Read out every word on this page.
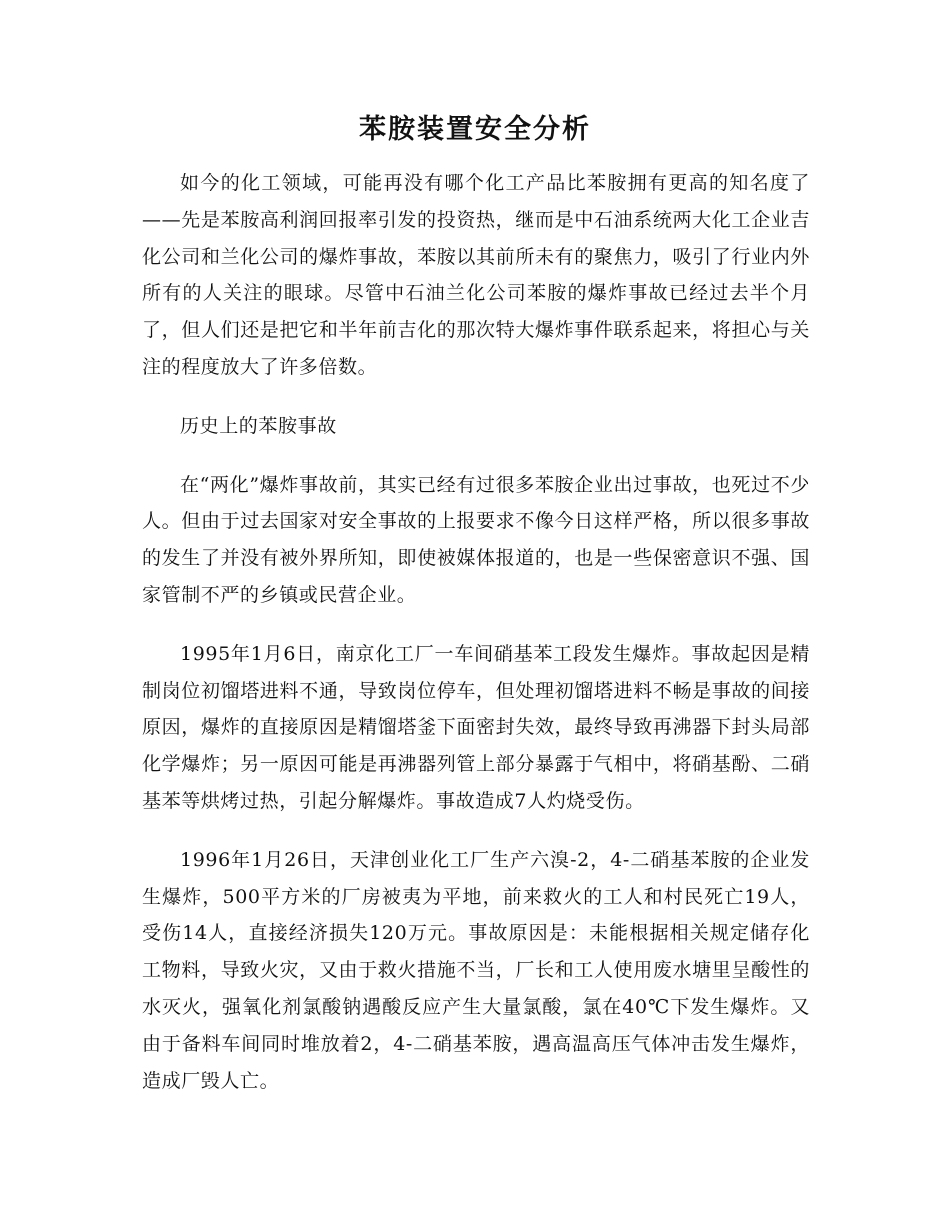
苯胺装置安全分析

如今的化工领域，可能再没有哪个化工产品比苯胺拥有更高的知名度了——先是苯胺高利润回报率引发的投资热，继而是中石油系统两大化工企业吉化公司和兰化公司的爆炸事故，苯胺以其前所未有的聚焦力，吸引了行业内外所有的人关注的眼球。尽管中石油兰化公司苯胺的爆炸事故已经过去半个月了，但人们还是把它和半年前吉化的那次特大爆炸事件联系起来，将担心与关注的程度放大了许多倍数。

历史上的苯胺事故

在“两化”爆炸事故前，其实已经有过很多苯胺企业出过事故，也死过不少人。但由于过去国家对安全事故的上报要求不像今日这样严格，所以很多事故的发生了并没有被外界所知，即使被媒体报道的，也是一些保密意识不强、国家管制不严的乡镇或民营企业。

1995年1月6日，南京化工厂一车间硝基苯工段发生爆炸。事故起因是精制岗位初馏塔进料不通，导致岗位停车，但处理初馏塔进料不畅是事故的间接原因，爆炸的直接原因是精馏塔釜下面密封失效，最终导致再沸器下封头局部化学爆炸；另一原因可能是再沸器列管上部分暴露于气相中，将硝基酚、二硝基苯等烘烤过热，引起分解爆炸。事故造成7人灼烧受伤。

1996年1月26日，天津创业化工厂生产六溴-2，4-二硝基苯胺的企业发生爆炸，500平方米的厂房被夷为平地，前来救火的工人和村民死亡19人，受伤14人，直接经济损失120万元。事故原因是：未能根据相关规定储存化工物料，导致火灾，又由于救火措施不当，厂长和工人使用废水塘里呈酸性的水灭火，强氧化剂氯酸钠遇酸反应产生大量氯酸，氯在40℃下发生爆炸。又由于备料车间同时堆放着2，4-二硝基苯胺，遇高温高压气体冲击发生爆炸，造成厂毁人亡。
